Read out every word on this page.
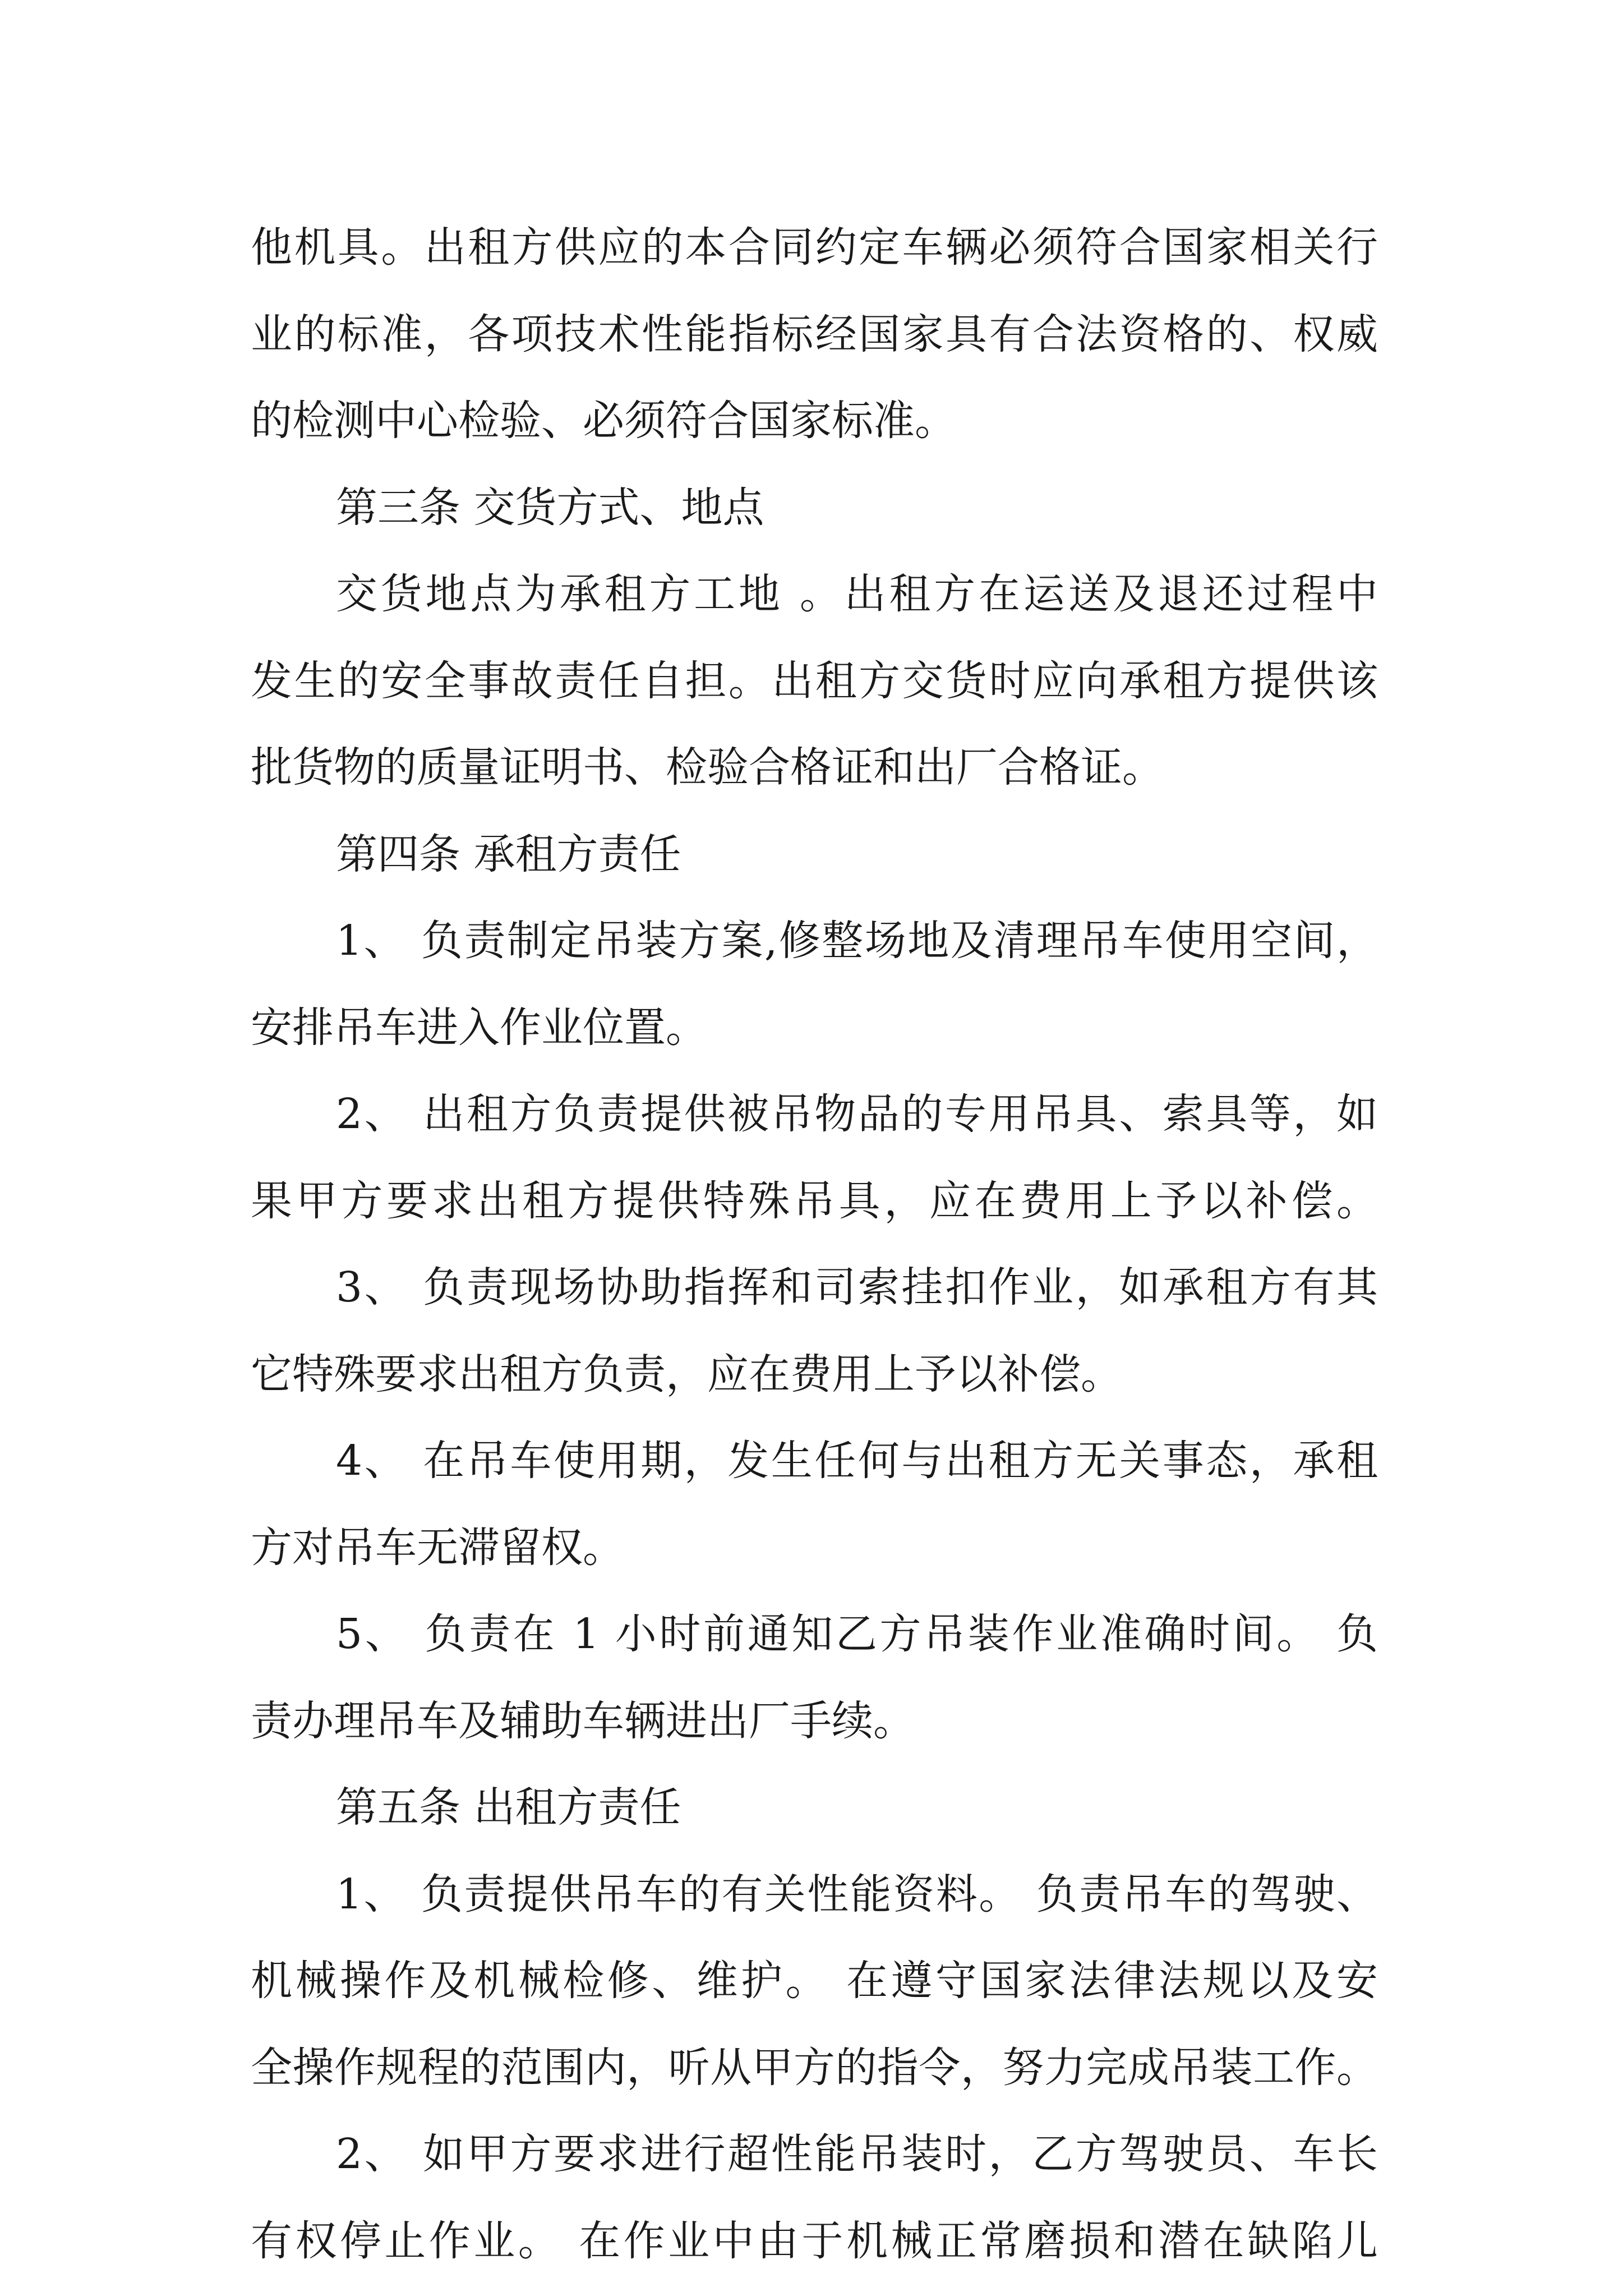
他机具。出租方供应的本合同约定车辆必须符合国家相关行
业的标准，各项技术性能指标经国家具有合法资格的、权威
的检测中心检验、必须符合国家标准。
第三条 交货方式、地点
交货地点为承租方工地 。出租方在运送及退还过程中
发生的安全事故责任自担。出租方交货时应向承租方提供该
批货物的质量证明书、检验合格证和出厂合格证。
第四条 承租方责任
1、 负责制定吊装方案,修整场地及清理吊车使用空间，
安排吊车进入作业位置。
2、 出租方负责提供被吊物品的专用吊具、索具等，如
果甲方要求出租方提供特殊吊具，应在费用上予以补偿。
3、 负责现场协助指挥和司索挂扣作业，如承租方有其
它特殊要求出租方负责，应在费用上予以补偿。
4、 在吊车使用期，发生任何与出租方无关事态，承租
方对吊车无滞留权。
5、 负责在 1 小时前通知乙方吊装作业准确时间。 负
责办理吊车及辅助车辆进出厂手续。
第五条 出租方责任
1、 负责提供吊车的有关性能资料。 负责吊车的驾驶、
机械操作及机械检修、维护。 在遵守国家法律法规以及安
全操作规程的范围内，听从甲方的指令，努力完成吊装工作。
2、 如甲方要求进行超性能吊装时，乙方驾驶员、车长
有权停止作业。 在作业中由于机械正常磨损和潜在缺陷儿
